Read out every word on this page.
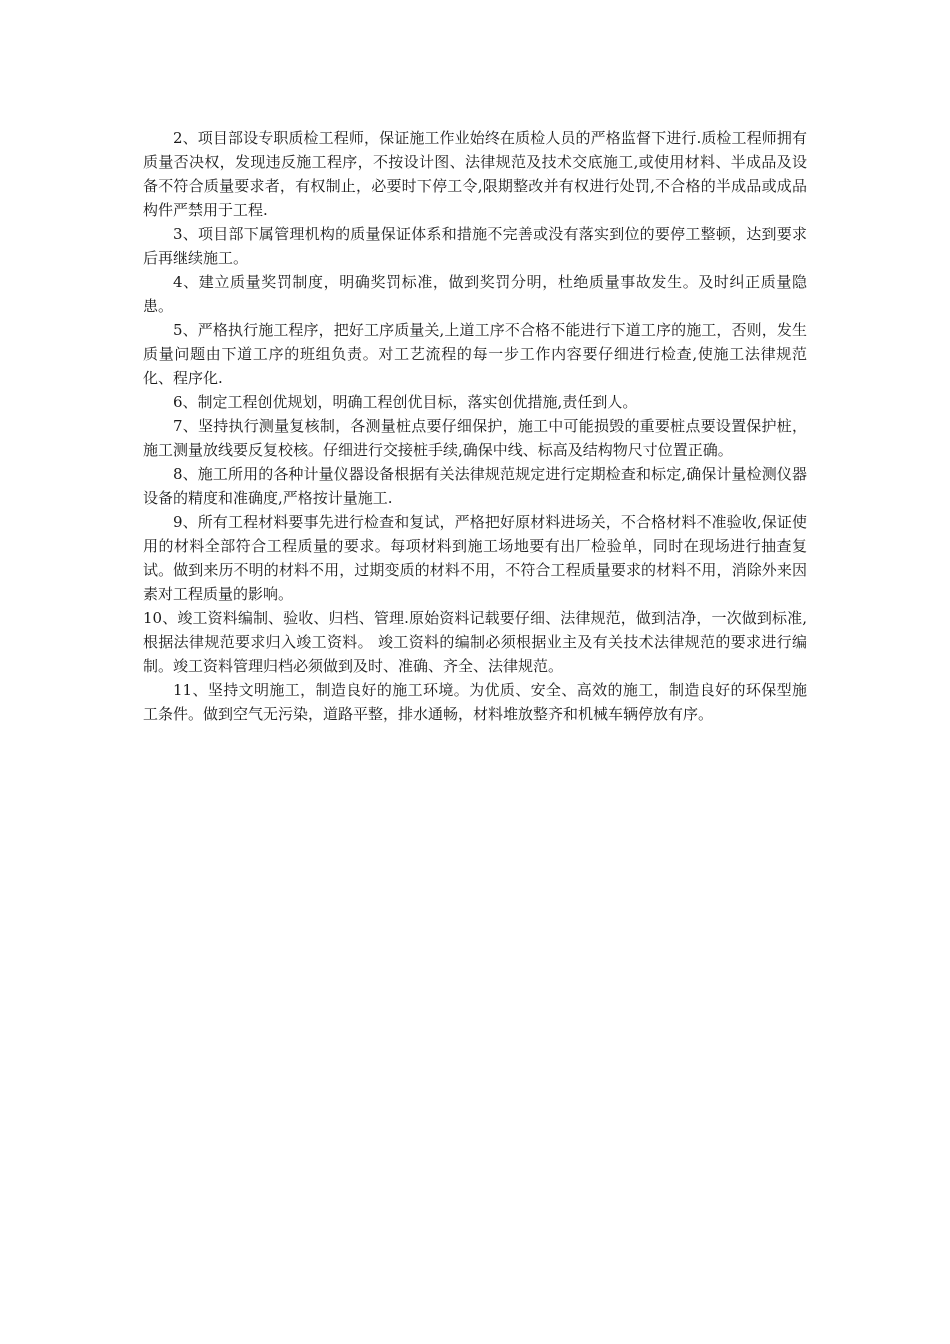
2、项目部设专职质检工程师，保证施工作业始终在质检人员的严格监督下进行.质检工程师拥有质量否决权，发现违反施工程序，不按设计图、法律规范及技术交底施工,或使用材料、半成品及设备不符合质量要求者，有权制止，必要时下停工令,限期整改并有权进行处罚,不合格的半成品或成品构件严禁用于工程.

3、项目部下属管理机构的质量保证体系和措施不完善或没有落实到位的要停工整顿，达到要求后再继续施工。

4、建立质量奖罚制度，明确奖罚标准，做到奖罚分明，杜绝质量事故发生。及时纠正质量隐患。

5、严格执行施工程序，把好工序质量关,上道工序不合格不能进行下道工序的施工，否则，发生质量问题由下道工序的班组负责。对工艺流程的每一步工作内容要仔细进行检查,使施工法律规范化、程序化.

6、制定工程创优规划，明确工程创优目标，落实创优措施,责任到人。

7、坚持执行测量复核制，各测量桩点要仔细保护，施工中可能损毁的重要桩点要设置保护桩，施工测量放线要反复校核。仔细进行交接桩手续,确保中线、标高及结构物尺寸位置正确。

8、施工所用的各种计量仪器设备根据有关法律规范规定进行定期检查和标定,确保计量检测仪器设备的精度和准确度,严格按计量施工.

9、所有工程材料要事先进行检查和复试，严格把好原材料进场关，不合格材料不准验收,保证使用的材料全部符合工程质量的要求。每项材料到施工场地要有出厂检验单，同时在现场进行抽查复试。做到来历不明的材料不用，过期变质的材料不用，不符合工程质量要求的材料不用，消除外来因素对工程质量的影响。

10、竣工资料编制、验收、归档、管理.原始资料记载要仔细、法律规范，做到洁净，一次做到标准,根据法律规范要求归入竣工资料。 竣工资料的编制必须根据业主及有关技术法律规范的要求进行编制。竣工资料管理归档必须做到及时、准确、齐全、法律规范。

11、坚持文明施工，制造良好的施工环境。为优质、安全、高效的施工，制造良好的环保型施工条件。做到空气无污染，道路平整，排水通畅，材料堆放整齐和机械车辆停放有序。
